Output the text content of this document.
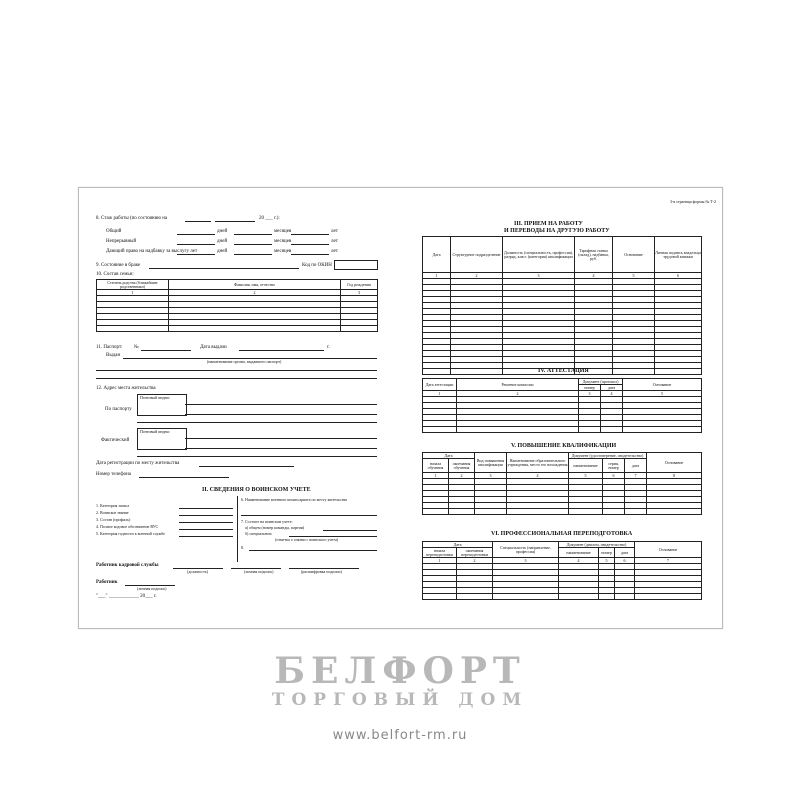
3-я страница формы № Т-2
8. Стаж работы (по состоянию на	20 ___ г.):
Общий	дней	месяцев	лет
Непрерывный	дней	месяцев	лет
Дающий право на надбавку за выслугу лет	дней	месяцев	лет
9. Состояние в браке	Код по ОКИН
10. Состав семьи:
Степень родства (ближайшие родственники)	Фамилия, имя, отчество	Год рождения
1	2	3

11. Паспорт: №	Дата выдачи	г.
Выдан
(наименование органа, выдавшего паспорт)
12. Адрес места жительства
Почтовый индекс
По паспорту
Почтовый индекс
Фактический
Дата регистрации по месту жительства
Номер телефона
II. СВЕДЕНИЯ О ВОИНСКОМ УЧЕТЕ
1. Категория запаса
2. Воинское звание
3. Состав (профиль)
4. Полное кодовое обозначение ВУС
5. Категория годности к военной службе
6. Наименование военного комиссариата по месту жительства
7. Состоит на воинском учете:
а) общем (номер команды, партии)
б) специальном
(отметка о снятии с воинского учета)
8.
Работник кадровой службы
(должность)	(личная подпись)	(расшифровка подписи)
Работник
(личная подпись)
"___" ____________ 20___ г.
III. ПРИЕМ НА РАБОТУ
И ПЕРЕВОДЫ НА ДРУГУЮ РАБОТУ
Дата	Структурное подразделение	Должность (специальность, профессия), разряд, класс (категория) квалификации	Тарифная ставка (оклад), надбавка, руб.	Основание	Личная подпись владельца трудовой книжки
1	2	3	4	5	6

IV. АТТЕСТАЦИЯ
Дата аттестации	Решение комиссии	Документ (протокол)		Основание
		номер	дата	
1	2	3	4	5

V. ПОВЫШЕНИЕ КВАЛИФИКАЦИИ
Дата		Вид повышения квалификации	Наименование образовательного учреждения, место его нахождения	Документ (удостоверение, свидетельство)			Основание
начала обучения	окончания обучения			наименование	серия, номер	дата	
1	2	3	4	5	6	7	8

VI. ПРОФЕССИОНАЛЬНАЯ ПЕРЕПОДГОТОВКА
Дата		Специальность (направление, профессия)	Документ (диплом, свидетельство)			Основание
начала переподготовки	окончания переподготовки		наименование	номер	дата	
1	2	3	4	5	6	7

БЕЛФОРТ
ТОРГОВЫЙ ДОМ
www.belfort-rm.ru
